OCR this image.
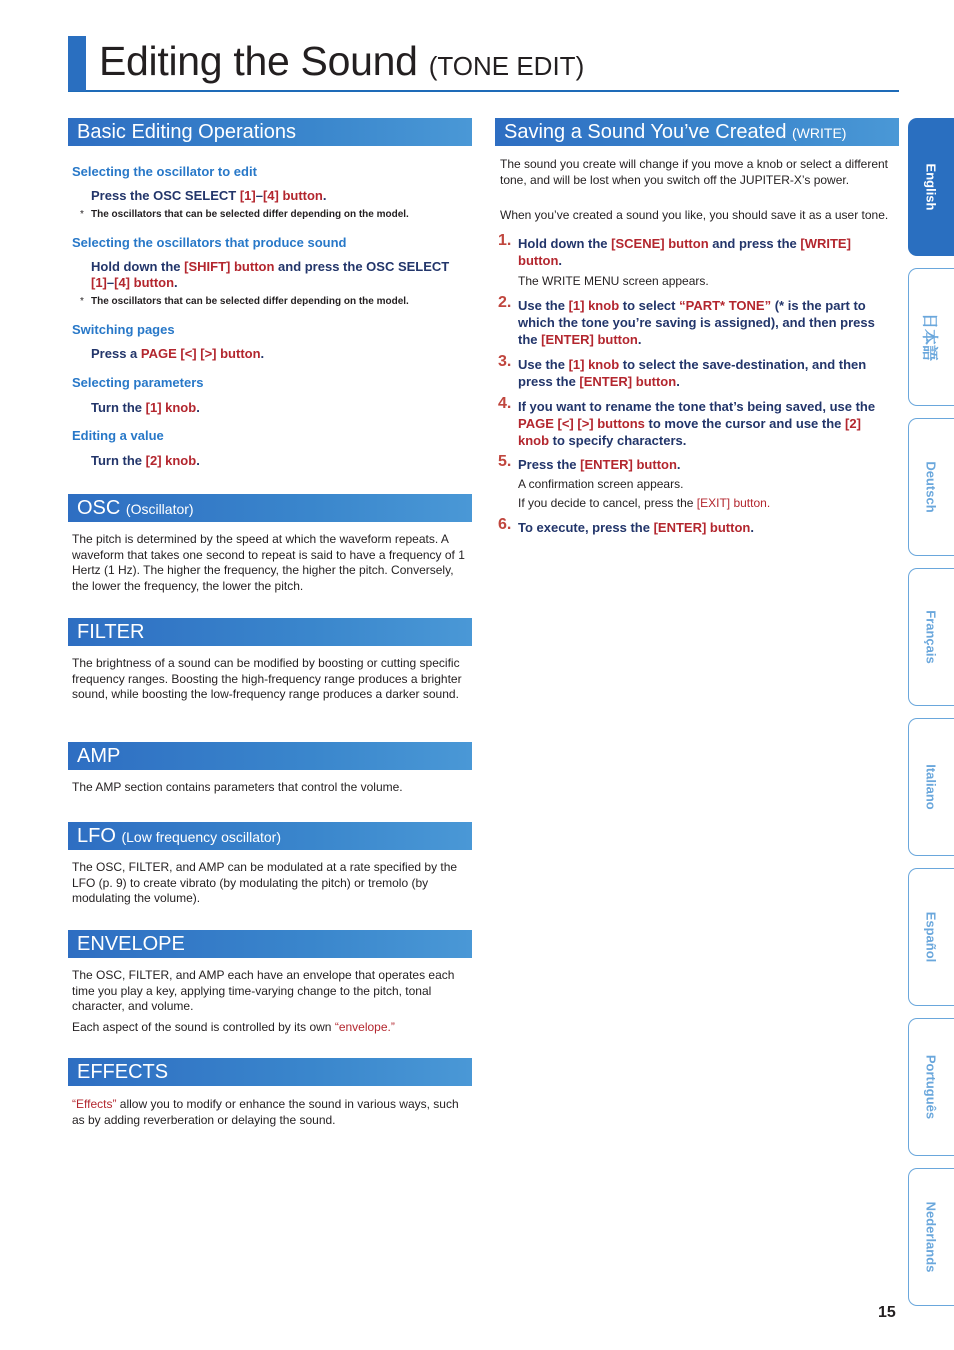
Editing the Sound (TONE EDIT)
Basic Editing Operations
Selecting the oscillator to edit
Press the OSC SELECT [1]–[4] button.
* The oscillators that can be selected differ depending on the model.
Selecting the oscillators that produce sound
Hold down the [SHIFT] button and press the OSC SELECT
[1]–[4] button.
* The oscillators that can be selected differ depending on the model.
Switching pages
Press a PAGE [<] [>] button.
Selecting parameters
Turn the [1] knob.
Editing a value
Turn the [2] knob.
OSC (Oscillator)
The pitch is determined by the speed at which the waveform repeats. A waveform that takes one second to repeat is said to have a frequency of 1 Hertz (1 Hz). The higher the frequency, the higher the pitch. Conversely, the lower the frequency, the lower the pitch.
FILTER
The brightness of a sound can be modified by boosting or cutting specific frequency ranges. Boosting the high-frequency range produces a brighter sound, while boosting the low-frequency range produces a darker sound.
AMP
The AMP section contains parameters that control the volume.
LFO (Low frequency oscillator)
The OSC, FILTER, and AMP can be modulated at a rate specified by the LFO (p. 9) to create vibrato (by modulating the pitch) or tremolo (by modulating the volume).
ENVELOPE
The OSC, FILTER, and AMP each have an envelope that operates each time you play a key, applying time-varying change to the pitch, tonal character, and volume.
Each aspect of the sound is controlled by its own “envelope.”
EFFECTS
“Effects” allow you to modify or enhance the sound in various ways, such as by adding reverberation or delaying the sound.
Saving a Sound You’ve Created (WRITE)
The sound you create will change if you move a knob or select a different tone, and will be lost when you switch off the JUPITER-X’s power.
When you’ve created a sound you like, you should save it as a user tone.
1. Hold down the [SCENE] button and press the [WRITE] button.
The WRITE MENU screen appears.
2. Use the [1] knob to select “PART* TONE” (* is the part to which the tone you’re saving is assigned), and then press the [ENTER] button.
3. Use the [1] knob to select the save-destination, and then press the [ENTER] button.
4. If you want to rename the tone that’s being saved, use the PAGE [<] [>] buttons to move the cursor and use the [2] knob to specify characters.
5. Press the [ENTER] button.
A confirmation screen appears.
If you decide to cancel, press the [EXIT] button.
6. To execute, press the [ENTER] button.
English
日本語
Deutsch
Français
Italiano
Español
Português
Nederlands
15
